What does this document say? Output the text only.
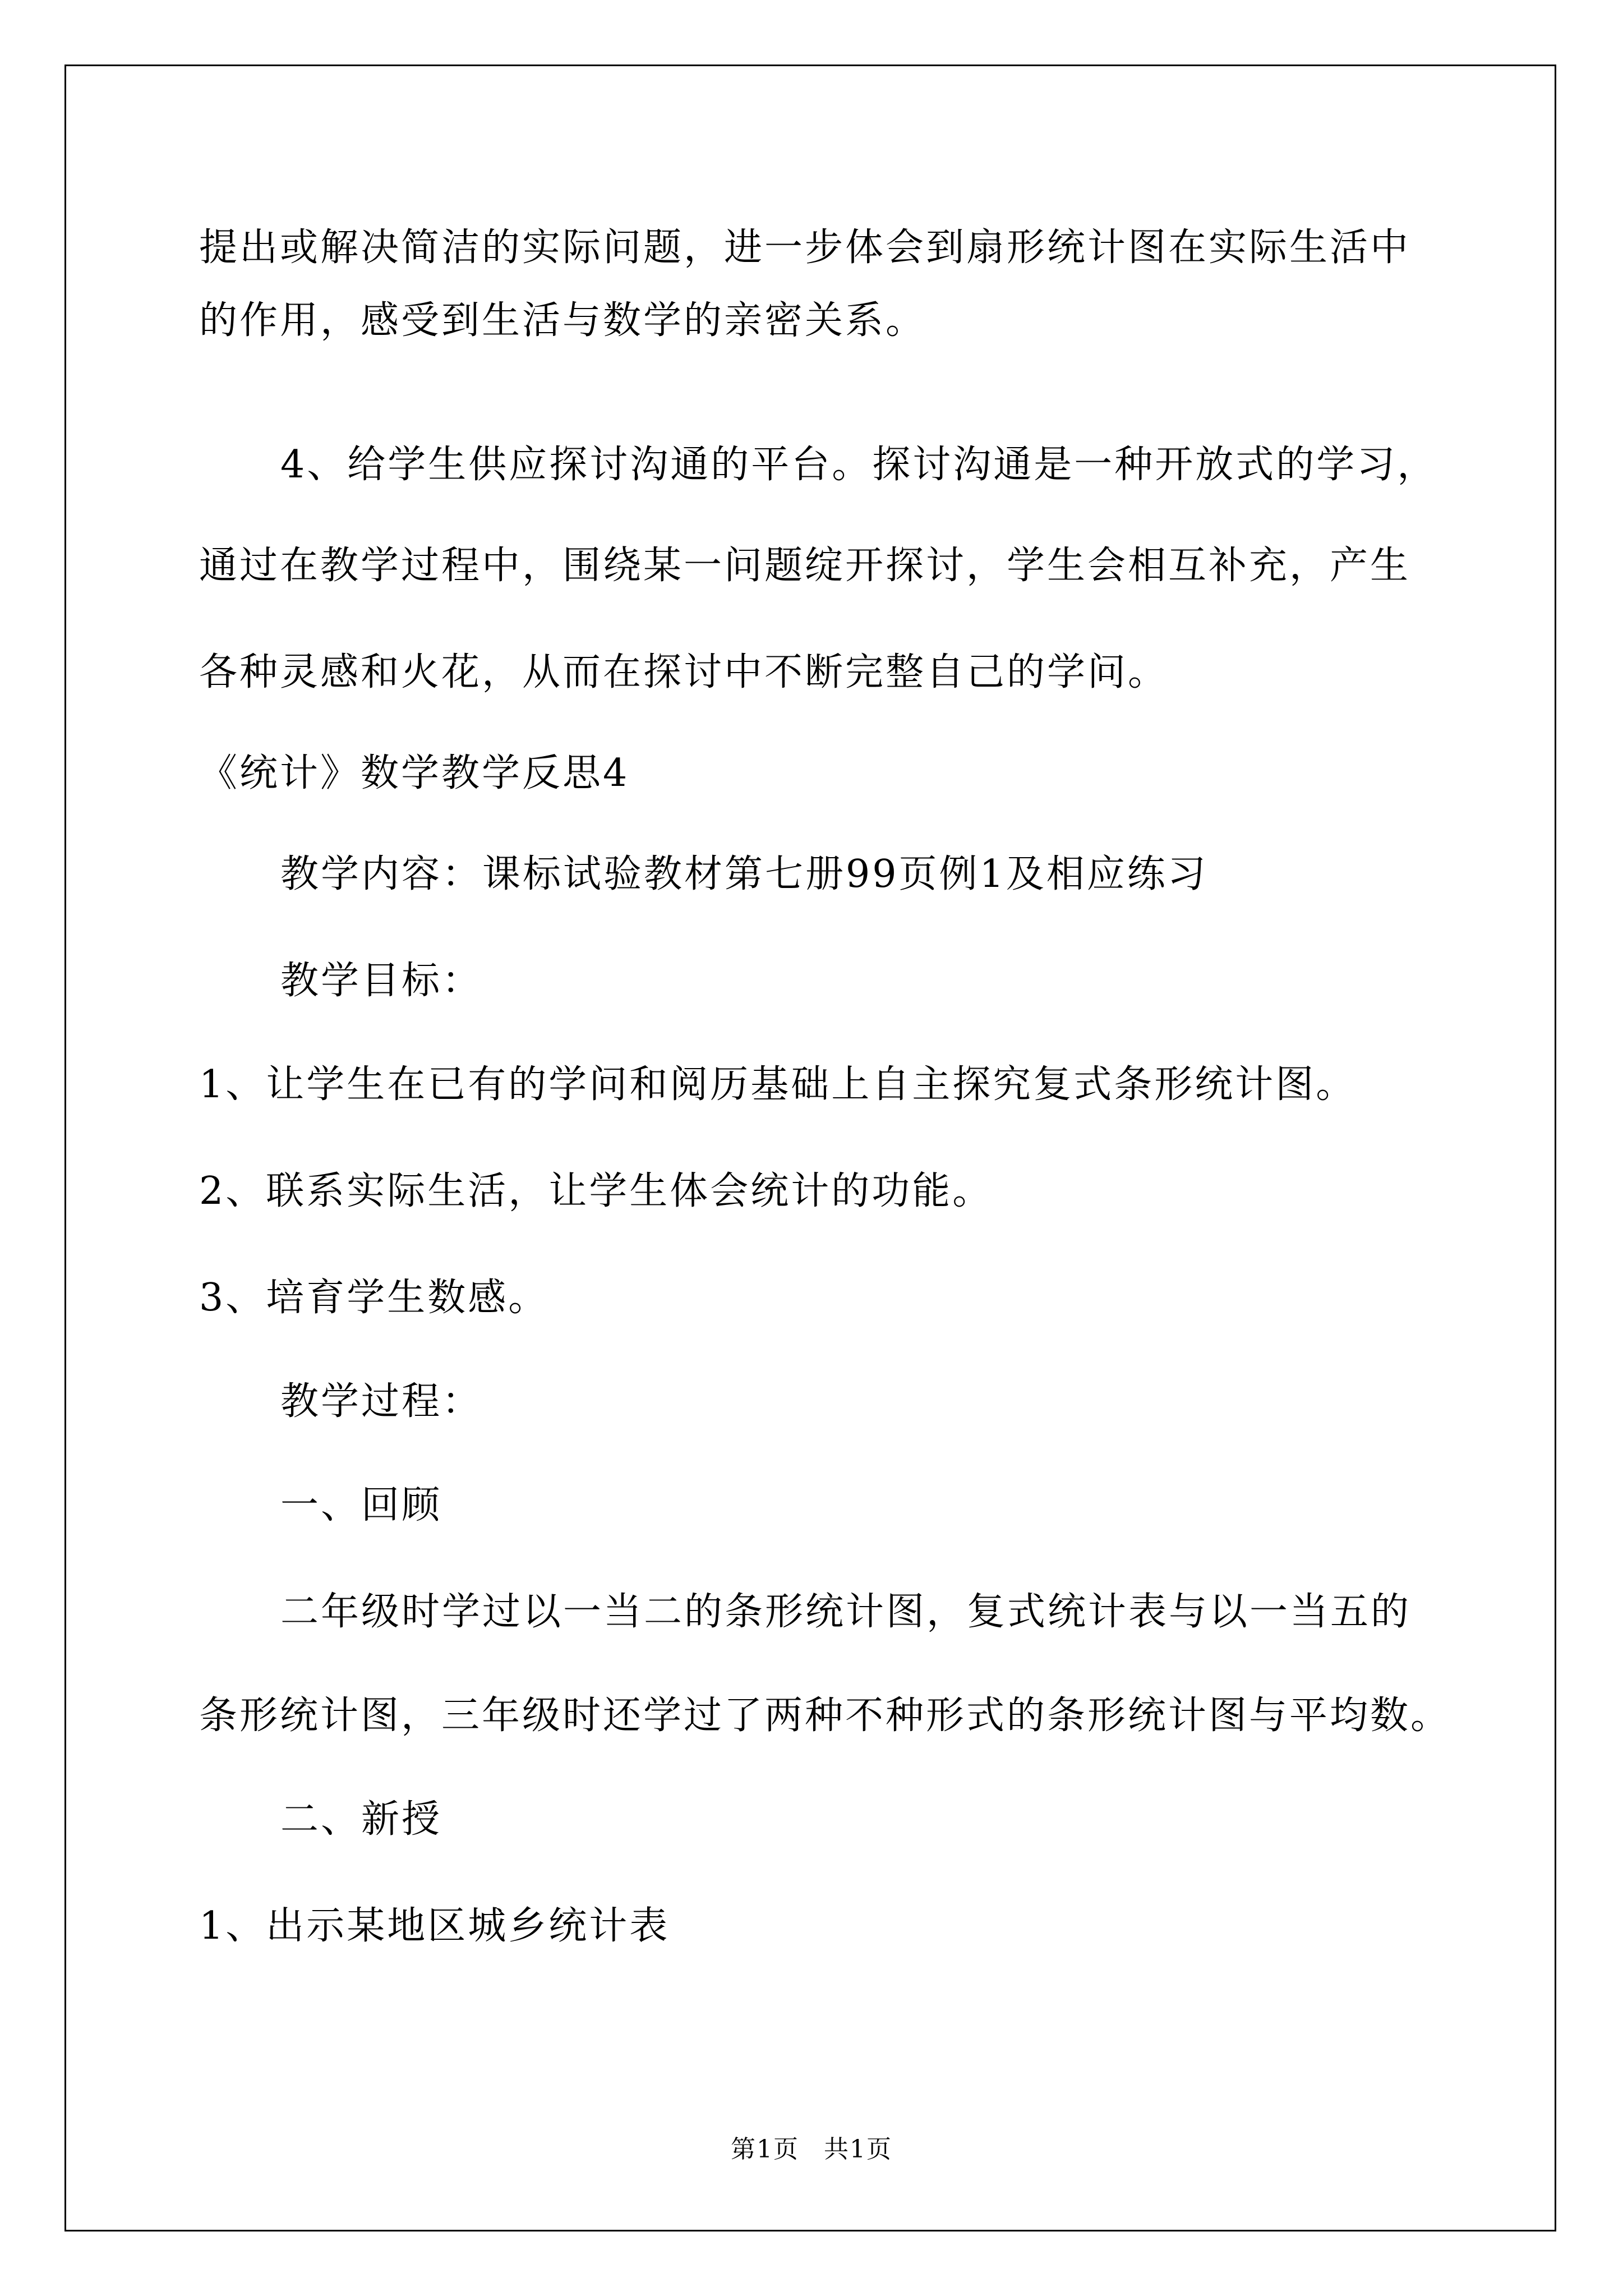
提出或解决简洁的实际问题，进一步体会到扇形统计图在实际生活中
的作用，感受到生活与数学的亲密关系。
4、给学生供应探讨沟通的平台。探讨沟通是一种开放式的学习，
通过在教学过程中，围绕某一问题绽开探讨，学生会相互补充，产生
各种灵感和火花，从而在探讨中不断完整自己的学问。
《统计》数学教学反思4
教学内容：课标试验教材第七册99页例1及相应练习
教学目标：
1、让学生在已有的学问和阅历基础上自主探究复式条形统计图。
2、联系实际生活，让学生体会统计的功能。
3、培育学生数感。
教学过程：
一、回顾
二年级时学过以一当二的条形统计图，复式统计表与以一当五的
条形统计图，三年级时还学过了两种不种形式的条形统计图与平均数。
二、新授
1、出示某地区城乡统计表
第1页 共1页
